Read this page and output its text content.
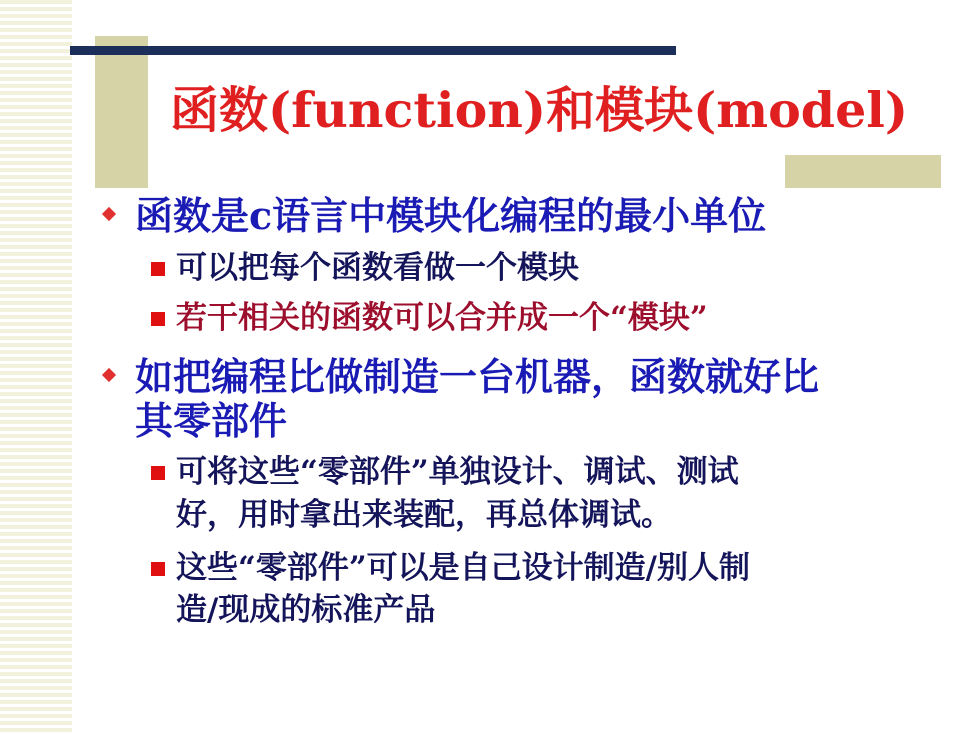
函数(function)和模块(model)
函数是c语言中模块化编程的最小单位
可以把每个函数看做一个模块
若干相关的函数可以合并成一个“模块”
如把编程比做制造一台机器，函数就好比
其零部件
可将这些“零部件”单独设计、调试、测试
好，用时拿出来装配，再总体调试。
这些“零部件”可以是自己设计制造/别人制
造/现成的标准产品
